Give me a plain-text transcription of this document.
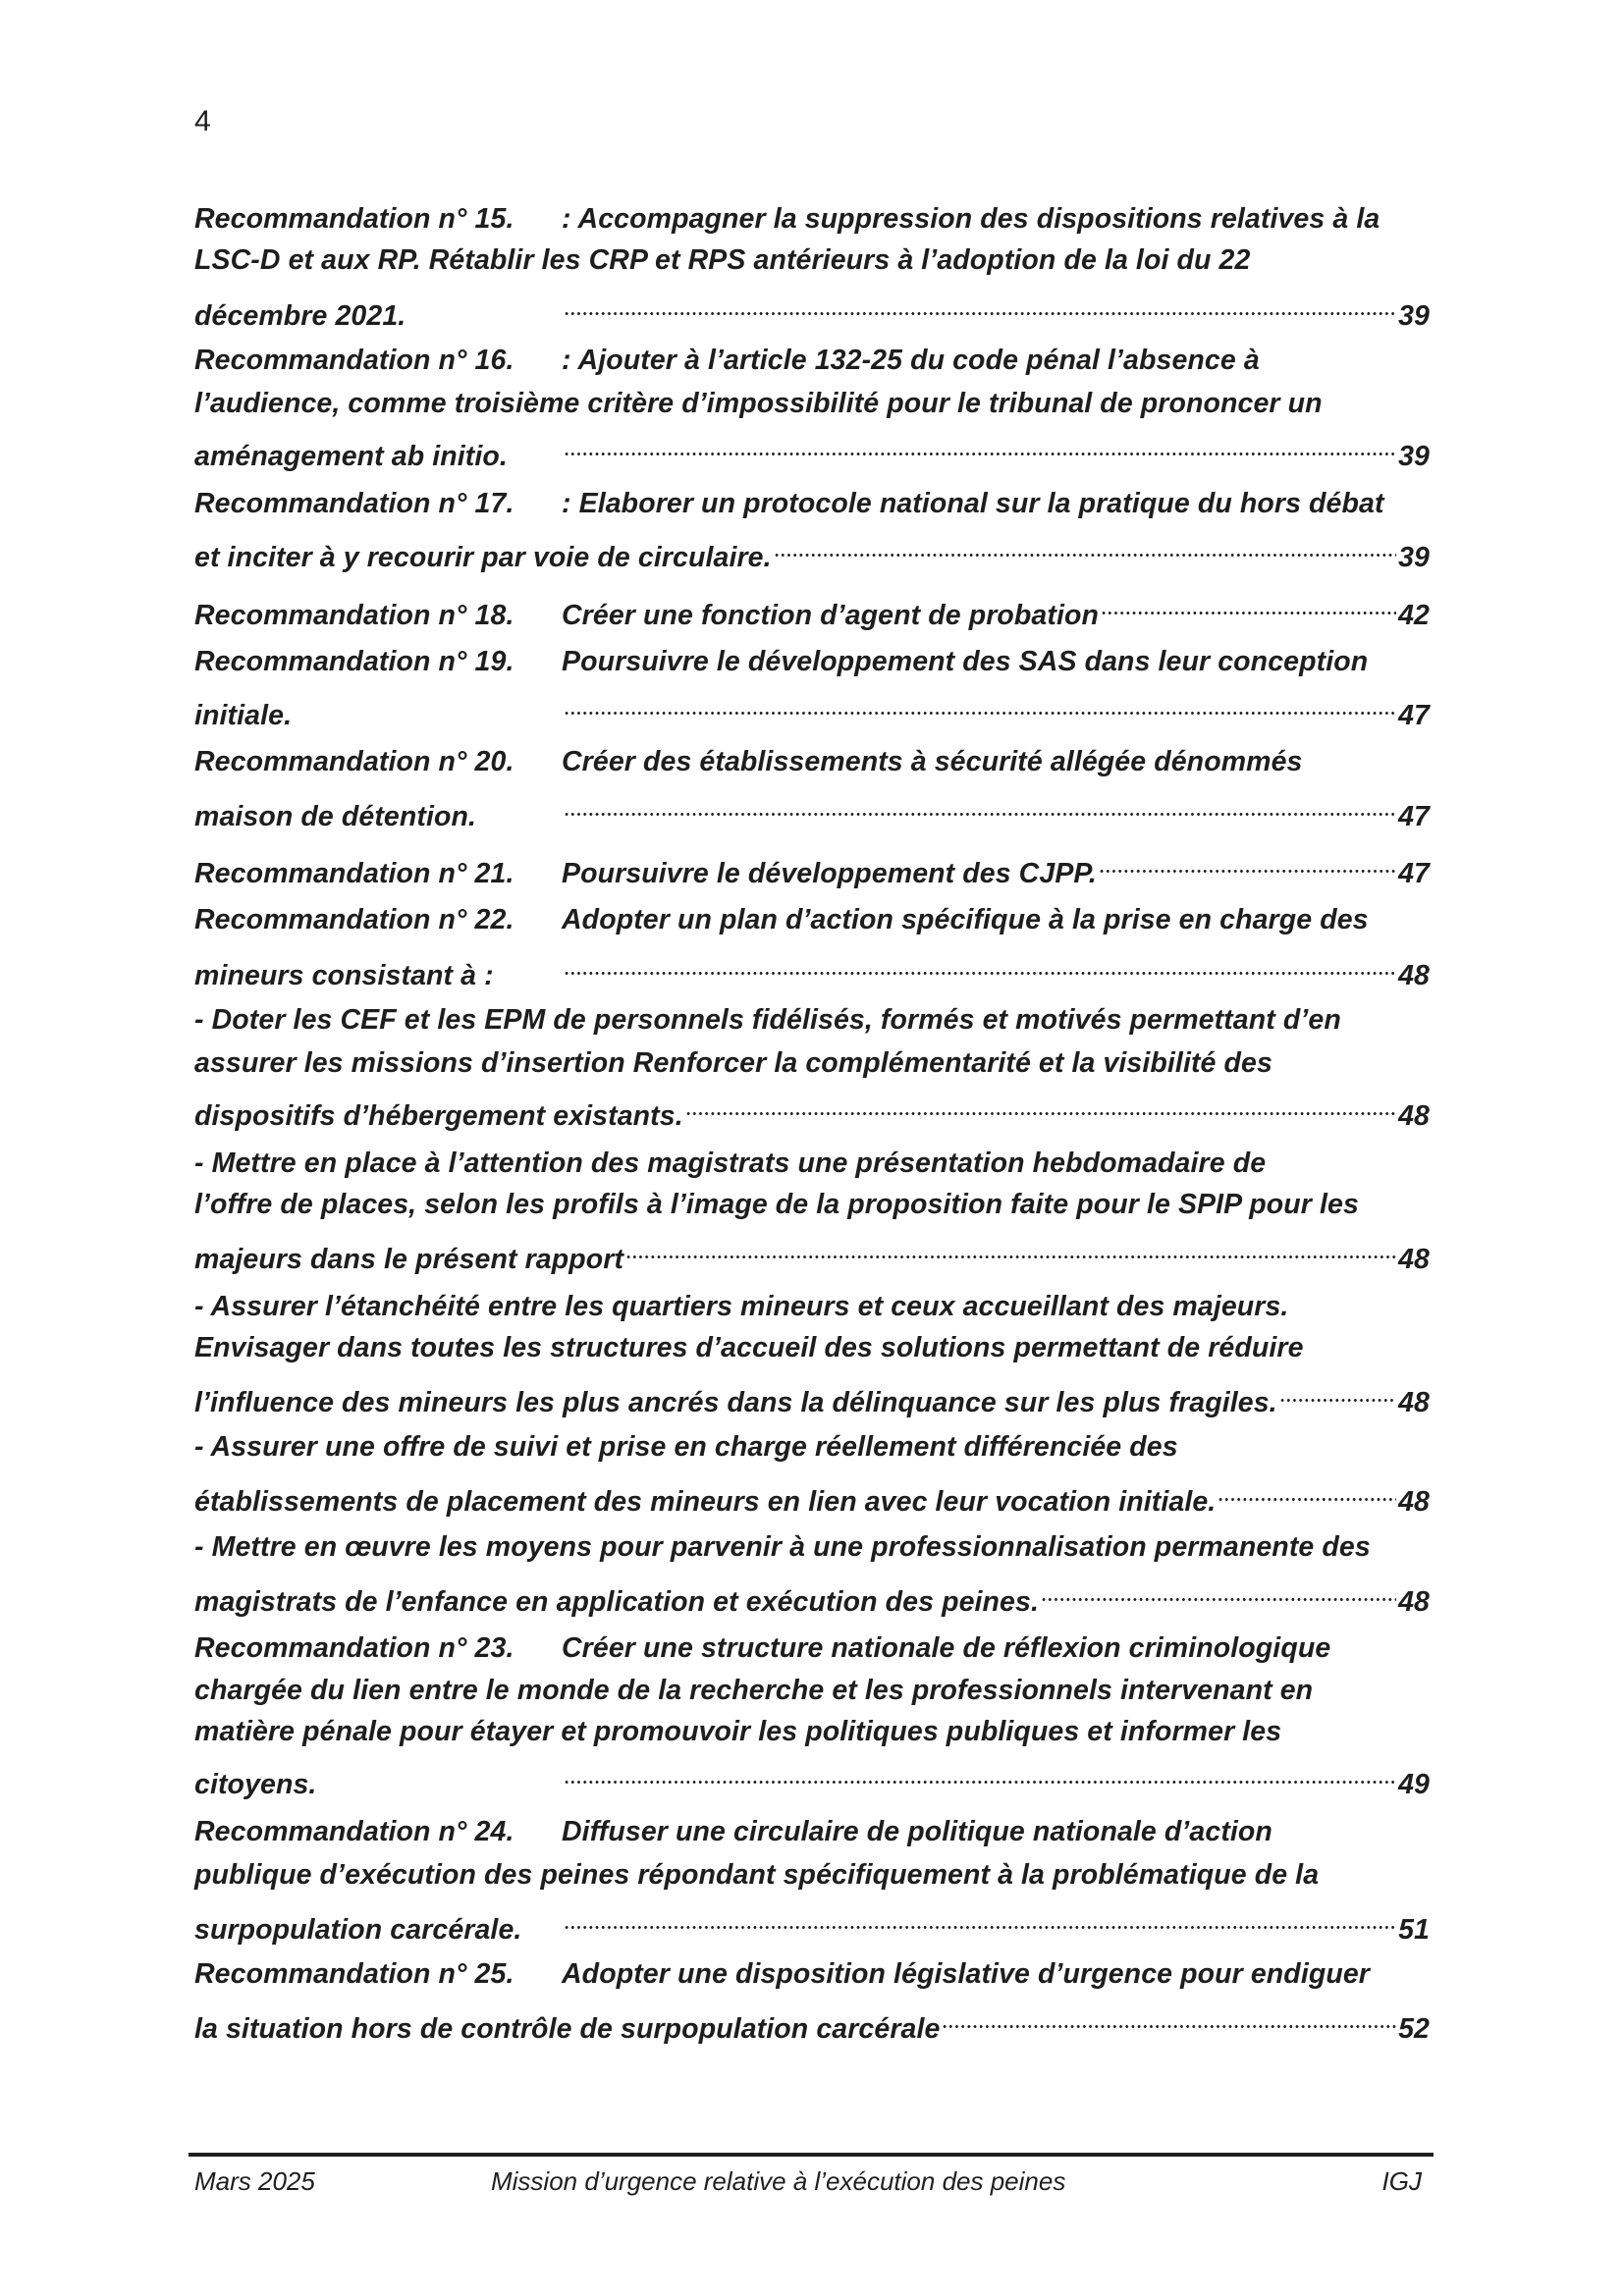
4
Recommandation n° 15.	: Accompagner la suppression des dispositions relatives à la
LSC-D et aux RP. Rétablir les CRP et RPS antérieurs à l’adoption de la loi du 22
décembre 2021.	39
Recommandation n° 16.	: Ajouter à l’article 132-25 du code pénal l’absence à
l’audience, comme troisième critère d’impossibilité pour le tribunal de prononcer un
aménagement ab initio.	39
Recommandation n° 17.	: Elaborer un protocole national sur la pratique du hors débat
et inciter à y recourir par voie de circulaire.	39
Recommandation n° 18.	Créer une fonction d’agent de probation	42
Recommandation n° 19.	Poursuivre le développement des SAS dans leur conception
initiale.	47
Recommandation n° 20.	Créer des établissements à sécurité allégée dénommés
maison de détention.	47
Recommandation n° 21.	Poursuivre le développement des CJPP.	47
Recommandation n° 22.	Adopter un plan d’action spécifique à la prise en charge des
mineurs consistant à :	48
- Doter les CEF et les EPM de personnels fidélisés, formés et motivés permettant d’en
assurer les missions d’insertion Renforcer la complémentarité et la visibilité des
dispositifs d’hébergement existants.	48
- Mettre en place à l’attention des magistrats une présentation hebdomadaire de
l’offre de places, selon les profils à l’image de la proposition faite pour le SPIP pour les
majeurs dans le présent rapport	48
- Assurer l’étanchéité entre les quartiers mineurs et ceux accueillant des majeurs.
Envisager dans toutes les structures d’accueil des solutions permettant de réduire
l’influence des mineurs les plus ancrés dans la délinquance sur les plus fragiles.	48
- Assurer une offre de suivi et prise en charge réellement différenciée des
établissements de placement des mineurs en lien avec leur vocation initiale.	48
- Mettre en œuvre les moyens pour parvenir à une professionnalisation permanente des
magistrats de l’enfance en application et exécution des peines.	48
Recommandation n° 23.	Créer une structure nationale de réflexion criminologique
chargée du lien entre le monde de la recherche et les professionnels intervenant en
matière pénale pour étayer et promouvoir les politiques publiques et informer les
citoyens.	49
Recommandation n° 24.	Diffuser une circulaire de politique nationale d’action
publique d’exécution des peines répondant spécifiquement à la problématique de la
surpopulation carcérale.	51
Recommandation n° 25.	Adopter une disposition législative d’urgence pour endiguer
la situation hors de contrôle de surpopulation carcérale	52
Mars 2025	Mission d’urgence relative à l’exécution des peines	IGJ
